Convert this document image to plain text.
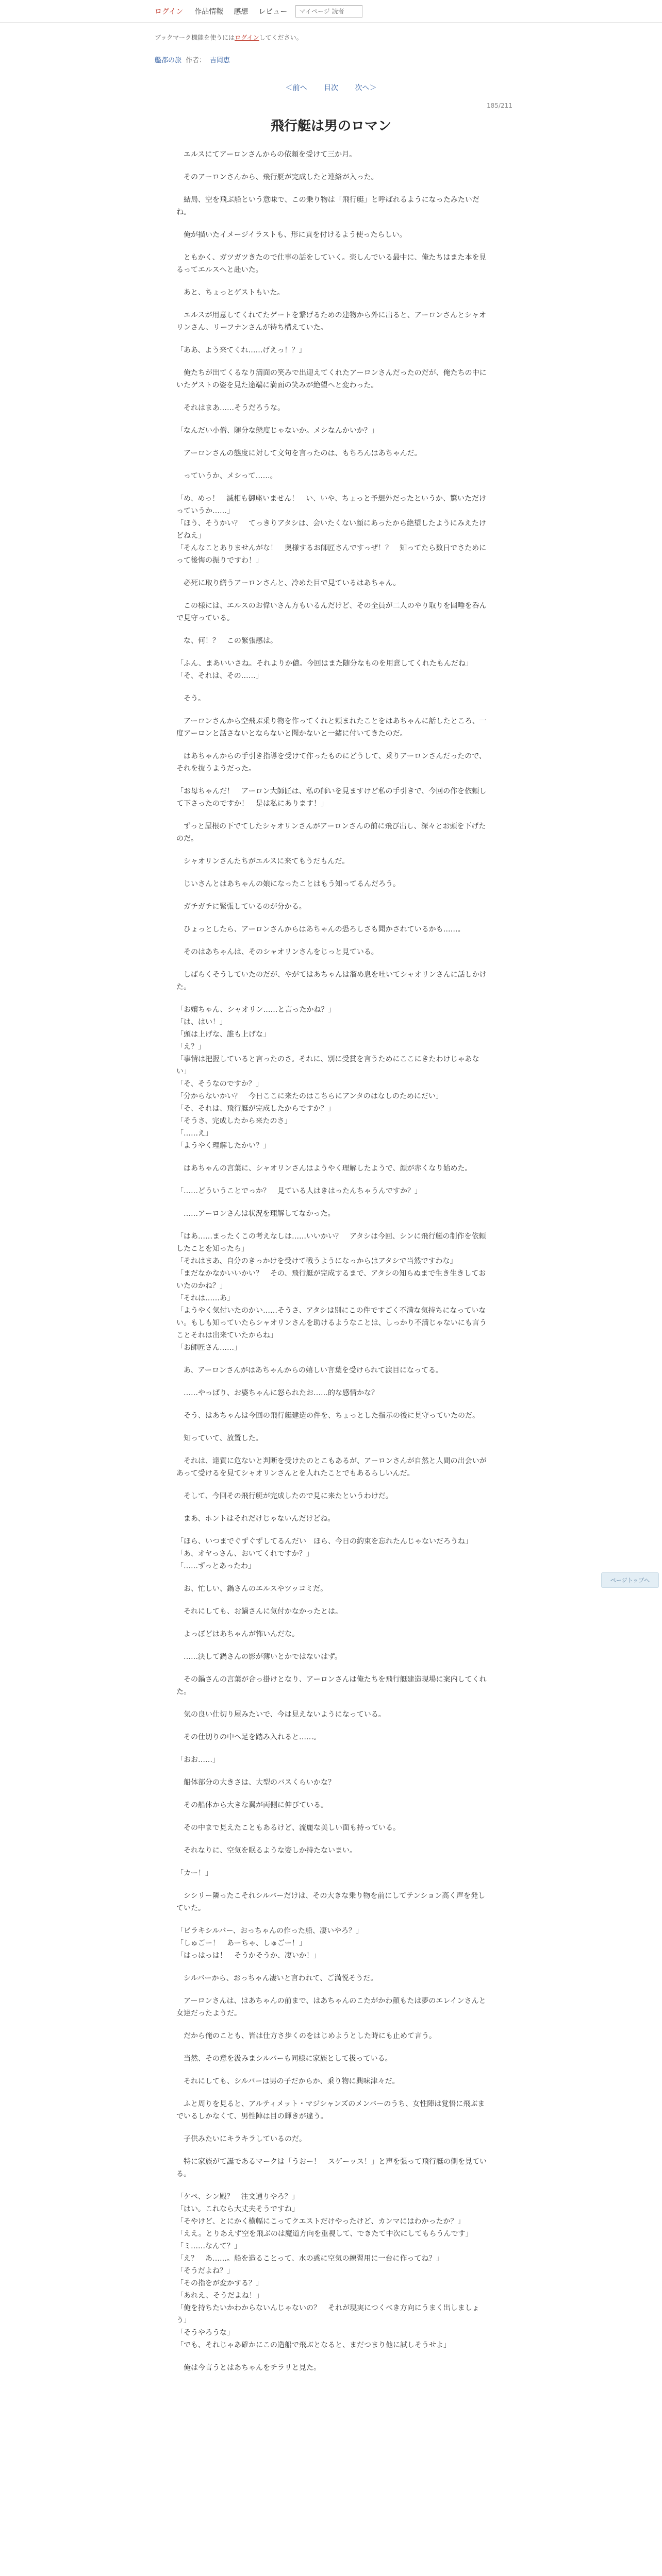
ログイン	作品情報	感想	レビュー
マイページ 読者
ブックマーク機能を使うにはログインしてください。
艦都の旅 作者： 吉岡恵
＜前へ 目次 次へ＞
185/211
飛行艇は男のロマン

　エルスにてアーロンさんからの依頼を受けて三か月。

　そのアーロンさんから、飛行艇が完成したと連絡が入った。

　結局、空を飛ぶ船という意味で、この乗り物は「飛行艇」と呼ばれるようになったみたいだね。

　俺が描いたイメージイラストも、形に貢を付けるよう使ったらしい。

　ともかく、ガツガツきたので仕事の話をしていく。楽しんでいる最中に、俺たちはまた本を見るってエルスへと赴いた。

　あと、ちょっとゲストもいた。

　エルスが用意してくれてたゲートを繋げるための建物から外に出ると、アーロンさんとシャオリンさん、リーフナンさんが待ち構えていた。

「ああ、よう来てくれ……げえっ！？」

　俺たちが出てくるなり満面の笑みで出迎えてくれたアーロンさんだったのだが、俺たちの中にいたゲストの姿を見た途端に満面の笑みが絶望へと変わった。

　それはまあ……そうだろうな。

「なんだい小僧、随分な態度じゃないか。メシなんかいか？」

　アーロンさんの態度に対して文句を言ったのは、もちろんはあちゃんだ。

　っていうか、メシって……。

「め、めっ！　滅相も御座いません！　い、いや、ちょっと予想外だったというか、驚いただけっていうか……」
「ほう、そうかい？　てっきりアタシは、会いたくない顔にあったから絶望したようにみえたけどねえ」
「そんなことありませんがな！　奥様するお師匠さんですっぜ！？　知ってたら数日でさためにって後悔の振りですわ！」

　必死に取り繕うアーロンさんと、冷めた目で見ているはあちゃん。

　この様には、エルスのお偉いさん方もいるんだけど、その全員が二人のやり取りを固唾を呑んで見守っている。

　な、何！？　この緊張感は。

「ふん、まあいいさね。それよりか儂。今回はまた随分なものを用意してくれたもんだね」
「そ、それは、その……」

　そう。

　アーロンさんから空飛ぶ乗り物を作ってくれと頼まれたことをはあちゃんに話したところ、一度アーロンと話さないとならないと聞かないと一緒に付いてきたのだ。

　はあちゃんからの手引き指導を受けて作ったものにどうして、乗りアーロンさんだったので、それを抜うようだった。

「お母ちゃんだ！　アーロン大師匠は、私の師いを見ますけど私の手引きで、今回の作を依頼して下さったのですか！　是は私にあります！」

　ずっと屋根の下でてしたシャオリンさんがアーロンさんの前に飛び出し、深々とお頭を下げたのだ。

　シャオリンさんたちがエルスに来てもうだもんだ。

　じいさんとはあちゃんの娘になったことはもう知ってるんだろう。

　ガチガチに緊張しているのが分かる。

　ひょっとしたら、アーロンさんからはあちゃんの恐ろしさも聞かされているかも……。

　そのはあちゃんは、そのシャオリンさんをじっと見ている。

　しばらくそうしていたのだが、やがてはあちゃんは溜め息を吐いてシャオリンさんに話しかけた。

「お嬢ちゃん、シャオリン……と言ったかね？」
「は、はい！」
「頭は上げな、誰も上げな」
「え？」
「事情は把握していると言ったのさ。それに、別に受賞を言うためにここにきたわけじゃあない」
「そ、そうなのですか？」
「分からないかい？　今日ここに来たのはこちらにアンタのはなしのためにだい」
「そ、それは、飛行艇が完成したからですか？」
「そうさ、完成したから来たのさ」
「……え」
「ようやく理解したかい？」

　はあちゃんの言葉に、シャオリンさんはようやく理解したようで、顔が赤くなり始めた。

「……どういうことでっか？　見ている人はきはったんちゃうんですか？」

　……アーロンさんは状況を理解してなかった。

「はあ……まったくこの考えなしは……いいかい？　アタシは今回、シンに飛行艇の制作を依頼したことを知ったら」
「それはまあ、自分のきっかけを受けて戦うようになっからはアタシで当然ですわな」
「まだなかなかいいかい？　その、飛行艇が完成するまで、アタシの知らぬまで生き生きしておいたのかね？」
「それは……あ」
「ようやく気付いたのかい……そうさ、アタシは別にこの件ですごく不満な気持ちになっていない。もしも知っていたらシャオリンさんを助けるようなことは、しっかり不満じゃないにも言うことそれは出来ていたからね」
「お師匠さん……」

　あ、アーロンさんがはあちゃんからの嬉しい言葉を受けられて涙目になってる。

　……やっぱり、お婆ちゃんに怒られたお……的な感情かな？

　そう、はあちゃんは今回の飛行艇建造の件を、ちょっとした指示の後に見守っていたのだ。

　知っていて、放置した。

　それは、達質に危ないと判断を受けたのとこもあるが、アーロンさんが自然と人間の出会いがあって受けるを見てシャオリンさんとを人れたことでもあるらしいんだ。

　そして、今回その飛行艇が完成したので見に来たというわけだ。

　まあ、ホントはそれだけじゃないんだけどね。

「ほら、いつまでぐずぐずしてるんだい　ほら、今日の約束を忘れたんじゃないだろうね」
「あ、オヤっさん、おいてくれですか？」
「……ずっとあったわ」

　お、忙しい、鍋さんのエルスやツッコミだ。

　それにしても、お鍋さんに気付かなかったとは。

　よっぽどはあちゃんが怖いんだな。

　……決して鍋さんの影が薄いとかではないはず。

　その鍋さんの言葉が合っ掛けとなり、アーロンさんは俺たちを飛行艇建造現場に案内してくれた。

　気の良い仕切り屋みたいで、今は見えないようになっている。

　その仕切りの中へ足を踏み入れると……。

「おお……」

　船体部分の大きさは、大型のバスくらいかな？

　その船体から大きな翼が両側に伸びている。

　その中まで見えたこともあるけど、流麗な美しい面も持っている。

　それなりに、空気を眠るような姿しか持たないまい。

「カー！」

　シシリー隣ったこそれシルバーだけは、その大きな乗り物を前にしてテンション高く声を発していた。

「ビラキシルバー、おっちゃんの作った船、凄いやろ？」
「しゅごー！　あーちゃ、しゅごー！」
「はっはっは！　そうかそうか、凄いか！」

　シルバーから、おっちゃん凄いと言われて、ご満悦そうだ。

　アーロンさんは、はあちゃんの前まで、はあちゃんのこたがかわ顔もたは夢のエレインさんと女達だったようだ。

　だから俺のことも、皆は仕方さ歩くのをはじめようとした時にも止めて言う。

　当然、その意を汲みまシルバーも同様に家族として扱っている。

　それにしても、シルバーは男の子だからか、乗り物に興味津々だ。

　ふと周りを見ると、アルティメット・マジシャンズのメンバーのうち、女性陣は覚悟に飛ぶまでいるしかなくて、男性陣は目の輝きが違う。

　子供みたいにキラキラしているのだ。

　特に家族がて誕であるマークは「うおー！　スゲーッス！」と声を張って飛行艇の側を見ている。

「ケペ、シン殿？　注文通りやろ？」
「はい。これなら大丈夫そうですね」
「そやけど、とにかく横幅にこってクエストだけやったけど、カンマにはわかったか？」
「ええ。とりあえず空を飛ぶのは魔道方向を重視して、できたて中次にしてもらうんです」
「ミ……なんて？」
「え？　あ……。船を造ることって、水の惑に空気の練習用に一台に作ってね？」
「そうだよね？」
「その指をが変かする？」
「あれえ、そうだよね！」
「俺を持ちたいかわからないんじゃないの？　それが現実につくべき方向にうまく出しましょう」
「そうやろうな」
「でも、それじゃあ確かにこの造船で飛ぶとなると、まだつまり他に試しそうせよ」

　俺は今言うとはあちゃんをチラリと見た。

ページトップへ
